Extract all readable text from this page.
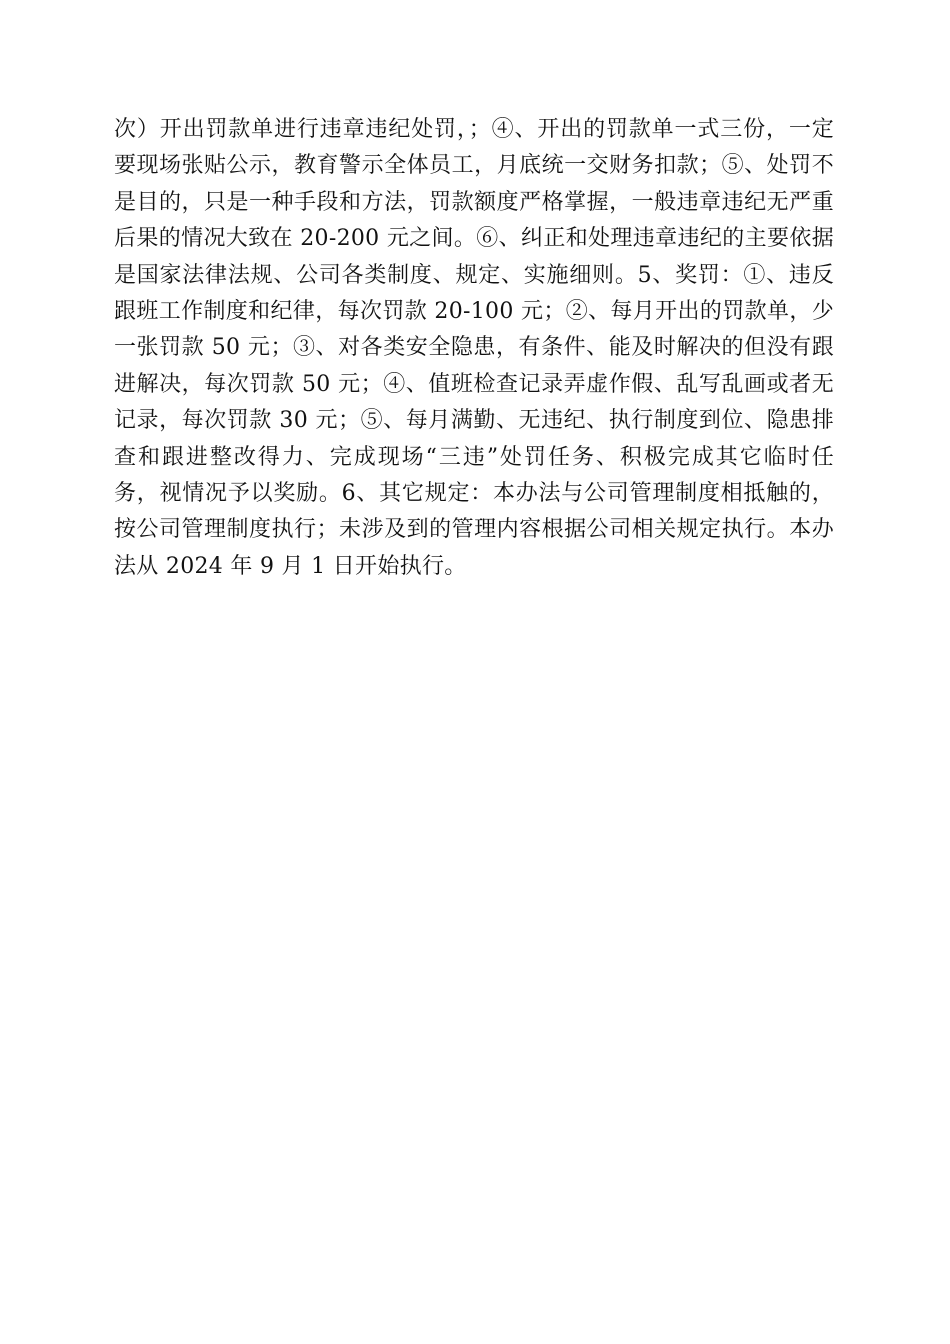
次）开出罚款单进行违章违纪处罚，；④、开出的罚款单一式三份，一定
要现场张贴公示，教育警示全体员工，月底统一交财务扣款；⑤、处罚不
是目的，只是一种手段和方法，罚款额度严格掌握，一般违章违纪无严重
后果的情况大致在 20-200 元之间。⑥、纠正和处理违章违纪的主要依据
是国家法律法规、公司各类制度、规定、实施细则。5、奖罚：①、违反
跟班工作制度和纪律，每次罚款 20-100 元；②、每月开出的罚款单，少
一张罚款 50 元；③、对各类安全隐患，有条件、能及时解决的但没有跟
进解决，每次罚款 50 元；④、值班检查记录弄虚作假、乱写乱画或者无
记录，每次罚款 30 元；⑤、每月满勤、无违纪、执行制度到位、隐患排
查和跟进整改得力、完成现场“三违”处罚任务、积极完成其它临时任
务，视情况予以奖励。6、其它规定：本办法与公司管理制度相抵触的，
按公司管理制度执行；未涉及到的管理内容根据公司相关规定执行。本办
法从 2024 年 9 月 1 日开始执行。
